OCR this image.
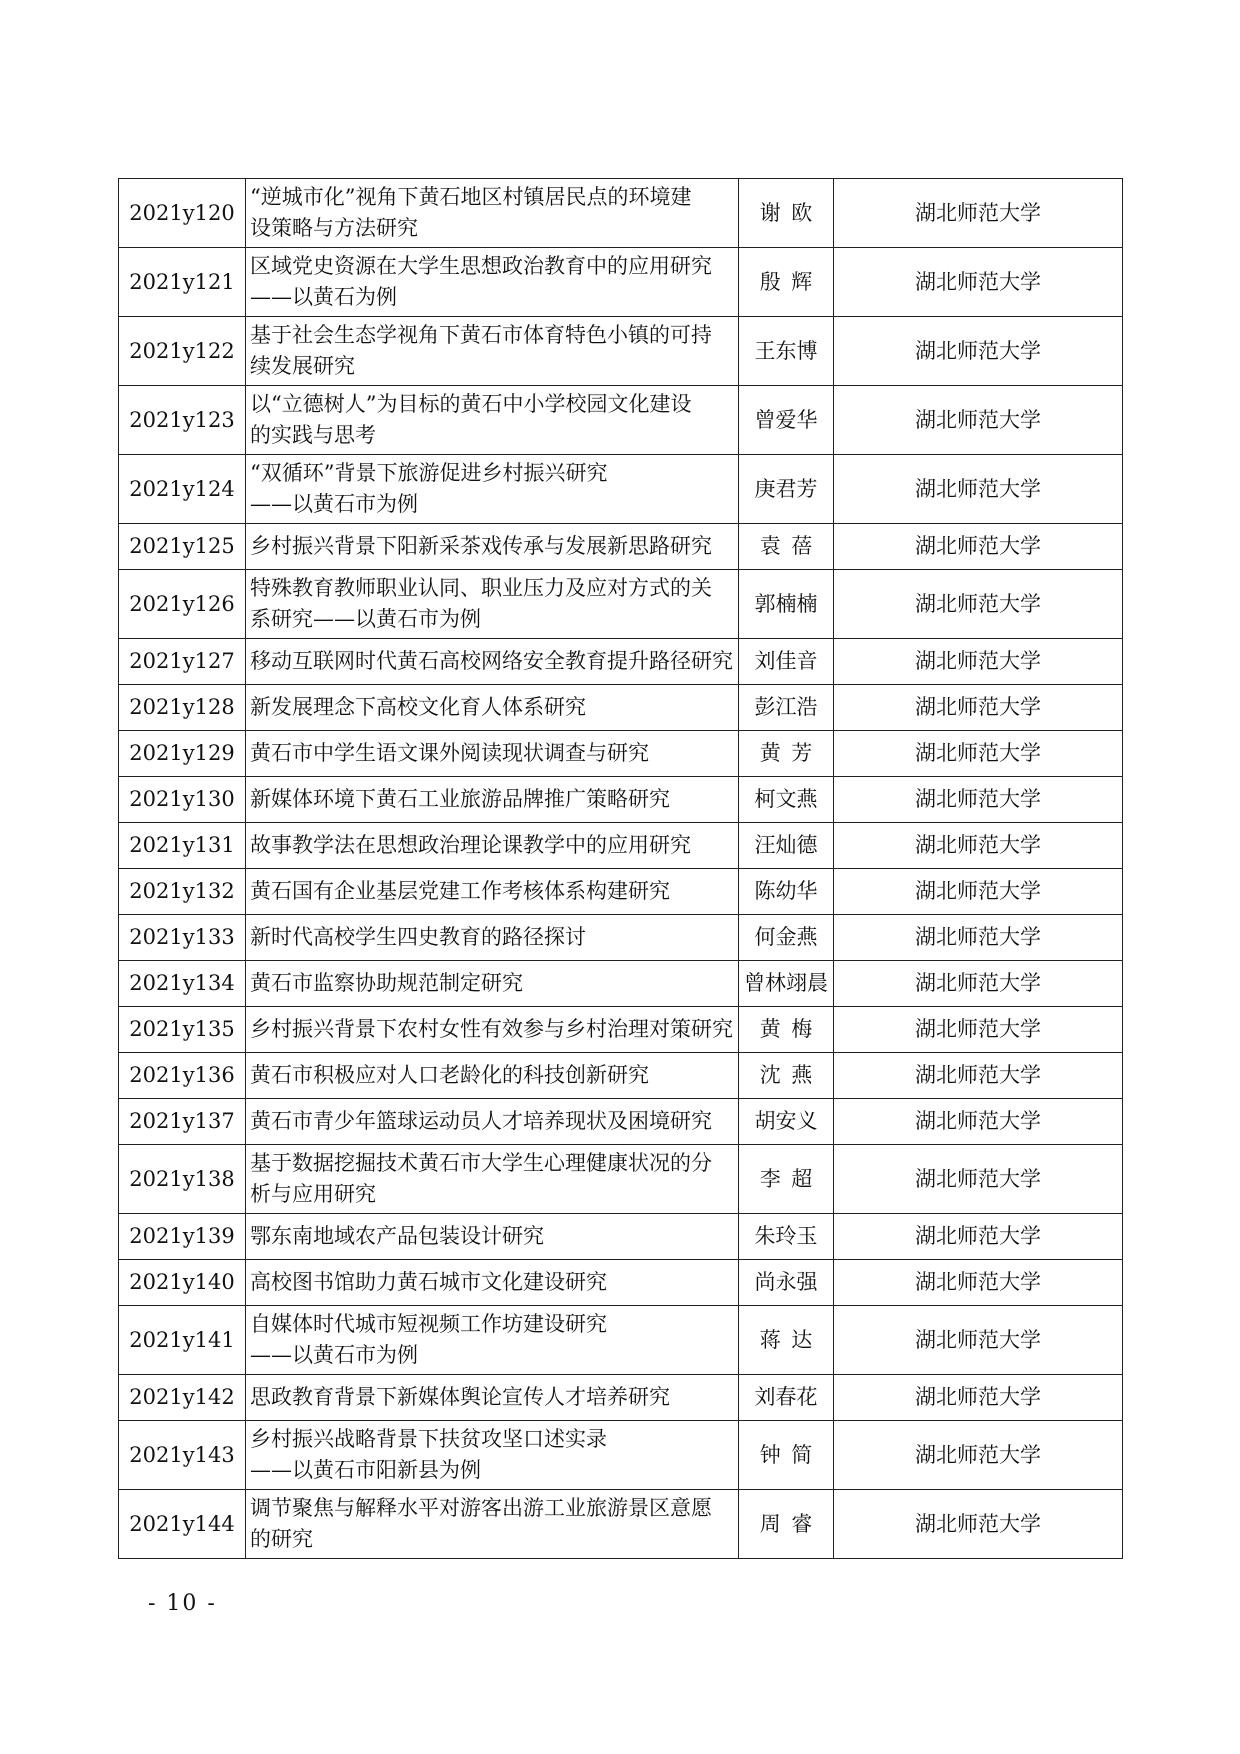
2021y120	“逆城市化”视角下黄石地区村镇居民点的环境建
设策略与方法研究	谢欧	湖北师范大学
2021y121	区域党史资源在大学生思想政治教育中的应用研究
——以黄石为例	殷辉	湖北师范大学
2021y122	基于社会生态学视角下黄石市体育特色小镇的可持
续发展研究	王东博	湖北师范大学
2021y123	以“立德树人”为目标的黄石中小学校园文化建设
的实践与思考	曾爱华	湖北师范大学
2021y124	“双循环”背景下旅游促进乡村振兴研究
——以黄石市为例	庚君芳	湖北师范大学
2021y125	乡村振兴背景下阳新采茶戏传承与发展新思路研究	袁蓓	湖北师范大学
2021y126	特殊教育教师职业认同、职业压力及应对方式的关
系研究——以黄石市为例	郭楠楠	湖北师范大学
2021y127	移动互联网时代黄石高校网络安全教育提升路径研究	刘佳音	湖北师范大学
2021y128	新发展理念下高校文化育人体系研究	彭江浩	湖北师范大学
2021y129	黄石市中学生语文课外阅读现状调查与研究	黄芳	湖北师范大学
2021y130	新媒体环境下黄石工业旅游品牌推广策略研究	柯文燕	湖北师范大学
2021y131	故事教学法在思想政治理论课教学中的应用研究	汪灿德	湖北师范大学
2021y132	黄石国有企业基层党建工作考核体系构建研究	陈幼华	湖北师范大学
2021y133	新时代高校学生四史教育的路径探讨	何金燕	湖北师范大学
2021y134	黄石市监察协助规范制定研究	曾林翊晨	湖北师范大学
2021y135	乡村振兴背景下农村女性有效参与乡村治理对策研究	黄梅	湖北师范大学
2021y136	黄石市积极应对人口老龄化的科技创新研究	沈燕	湖北师范大学
2021y137	黄石市青少年篮球运动员人才培养现状及困境研究	胡安义	湖北师范大学
2021y138	基于数据挖掘技术黄石市大学生心理健康状况的分
析与应用研究	李超	湖北师范大学
2021y139	鄂东南地域农产品包装设计研究	朱玲玉	湖北师范大学
2021y140	高校图书馆助力黄石城市文化建设研究	尚永强	湖北师范大学
2021y141	自媒体时代城市短视频工作坊建设研究
——以黄石市为例	蒋达	湖北师范大学
2021y142	思政教育背景下新媒体舆论宣传人才培养研究	刘春花	湖北师范大学
2021y143	乡村振兴战略背景下扶贫攻坚口述实录
——以黄石市阳新县为例	钟简	湖北师范大学
2021y144	调节聚焦与解释水平对游客出游工业旅游景区意愿
的研究	周睿	湖北师范大学
- 10 -
